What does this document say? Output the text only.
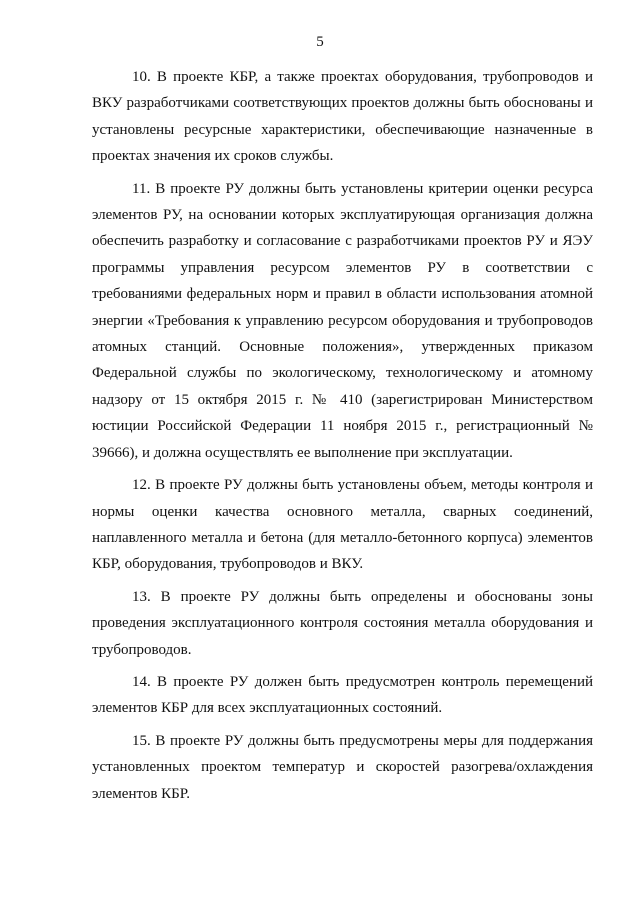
5

10. В проекте КБР, а также проектах оборудования, трубопроводов и ВКУ разработчиками соответствующих проектов должны быть обоснованы и установлены ресурсные характеристики, обеспечивающие назначенные в проектах значения их сроков службы.

11. В проекте РУ должны быть установлены критерии оценки ресурса элементов РУ, на основании которых эксплуатирующая организация должна обеспечить разработку и согласование с разработчиками проектов РУ и ЯЭУ программы управления ресурсом элементов РУ в соответствии с требованиями федеральных норм и правил в области использования атомной энергии «Требования к управлению ресурсом оборудования и трубопроводов атомных станций. Основные положения», утвержденных приказом Федеральной службы по экологическому, технологическому и атомному надзору от 15 октября 2015 г. № 410 (зарегистрирован Министерством юстиции Российской Федерации 11 ноября 2015 г., регистрационный № 39666), и должна осуществлять ее выполнение при эксплуатации.

12. В проекте РУ должны быть установлены объем, методы контроля и нормы оценки качества основного металла, сварных соединений, наплавленного металла и бетона (для металло-бетонного корпуса) элементов КБР, оборудования, трубопроводов и ВКУ.

13. В проекте РУ должны быть определены и обоснованы зоны проведения эксплуатационного контроля состояния металла оборудования и трубопроводов.

14. В проекте РУ должен быть предусмотрен контроль перемещений элементов КБР для всех эксплуатационных состояний.

15. В проекте РУ должны быть предусмотрены меры для поддержания установленных проектом температур и скоростей разогрева/охлаждения элементов КБР.
